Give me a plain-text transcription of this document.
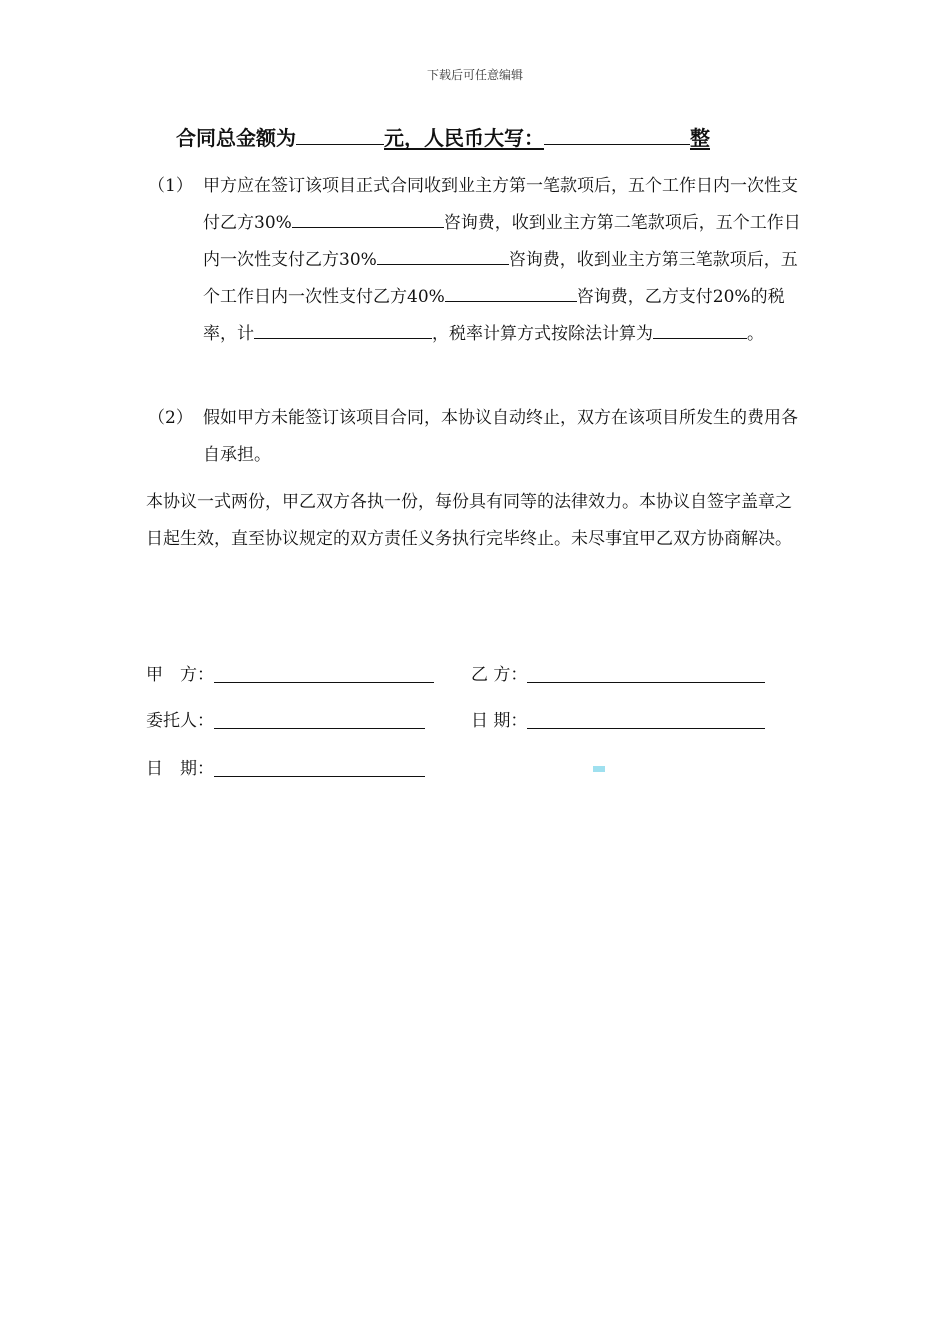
下载后可任意编辑
合同总金额为	元，人民币大写：	整
（1） 甲方应在签订该项目正式合同收到业主方第一笔款项后，五个工作日内一次性支付乙方30%	咨询费，收到业主方第二笔款项后，五个工作日内一次性支付乙方30%	咨询费，收到业主方第三笔款项后，五个工作日内一次性支付乙方40%	咨询费，乙方支付20%的税率，计	，税率计算方式按除法计算为	。
（2） 假如甲方未能签订该项目合同，本协议自动终止，双方在该项目所发生的费用各自承担。
本协议一式两份，甲乙双方各执一份，每份具有同等的法律效力。本协议自签字盖章之日起生效，直至协议规定的双方责任义务执行完毕终止。未尽事宜甲乙双方协商解决。
甲　方：	乙 方：
委托人：	日 期：
日　期：
